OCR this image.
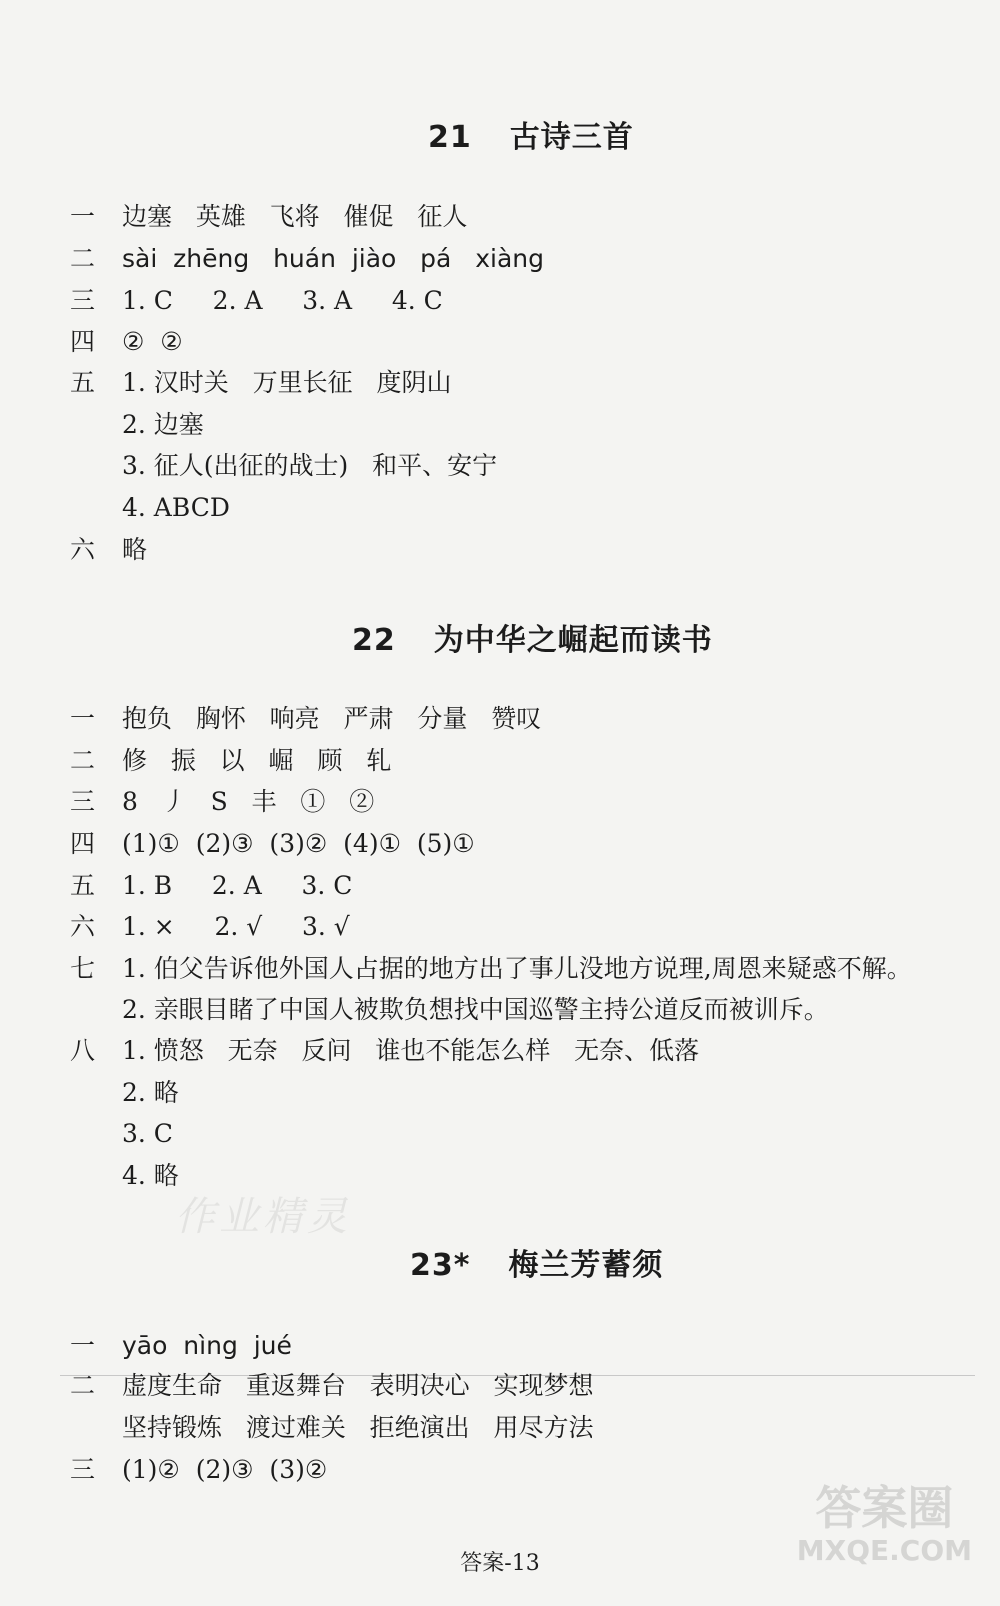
21 古诗三首
一 边塞   英雄   飞将   催促   征人
二 sài  zhēng   huán  jiào   pá   xiàng
三 1. C     2. A     3. A     4. C
四 ②  ②
五 1. 汉时关   万里长征   度阴山
2. 边塞
3. 征人(出征的战士)   和平、安宁
4. ABCD
六 略
22 为中华之崛起而读书
一 抱负   胸怀   响亮   严肃   分量   赞叹
二 修   振   以   崛   顾   轧
三 8   丿   S   丰   ①   ②
四 (1)①  (2)③  (3)②  (4)①  (5)①
五 1. B     2. A     3. C
六 1. ×     2. √     3. √
七 1. 伯父告诉他外国人占据的地方出了事儿没地方说理,周恩来疑惑不解。
2. 亲眼目睹了中国人被欺负想找中国巡警主持公道反而被训斥。
八 1. 愤怒   无奈   反问   谁也不能怎么样   无奈、低落
2. 略
3. C
4. 略
作业精灵
23* 梅兰芳蓄须
一 yāo  nìng  jué
二 虚度生命   重返舞台   表明决心   实现梦想
坚持锻炼   渡过难关   拒绝演出   用尽方法
三 (1)②  (2)③  (3)②
答案-13
答案圈
MXQE.COM
